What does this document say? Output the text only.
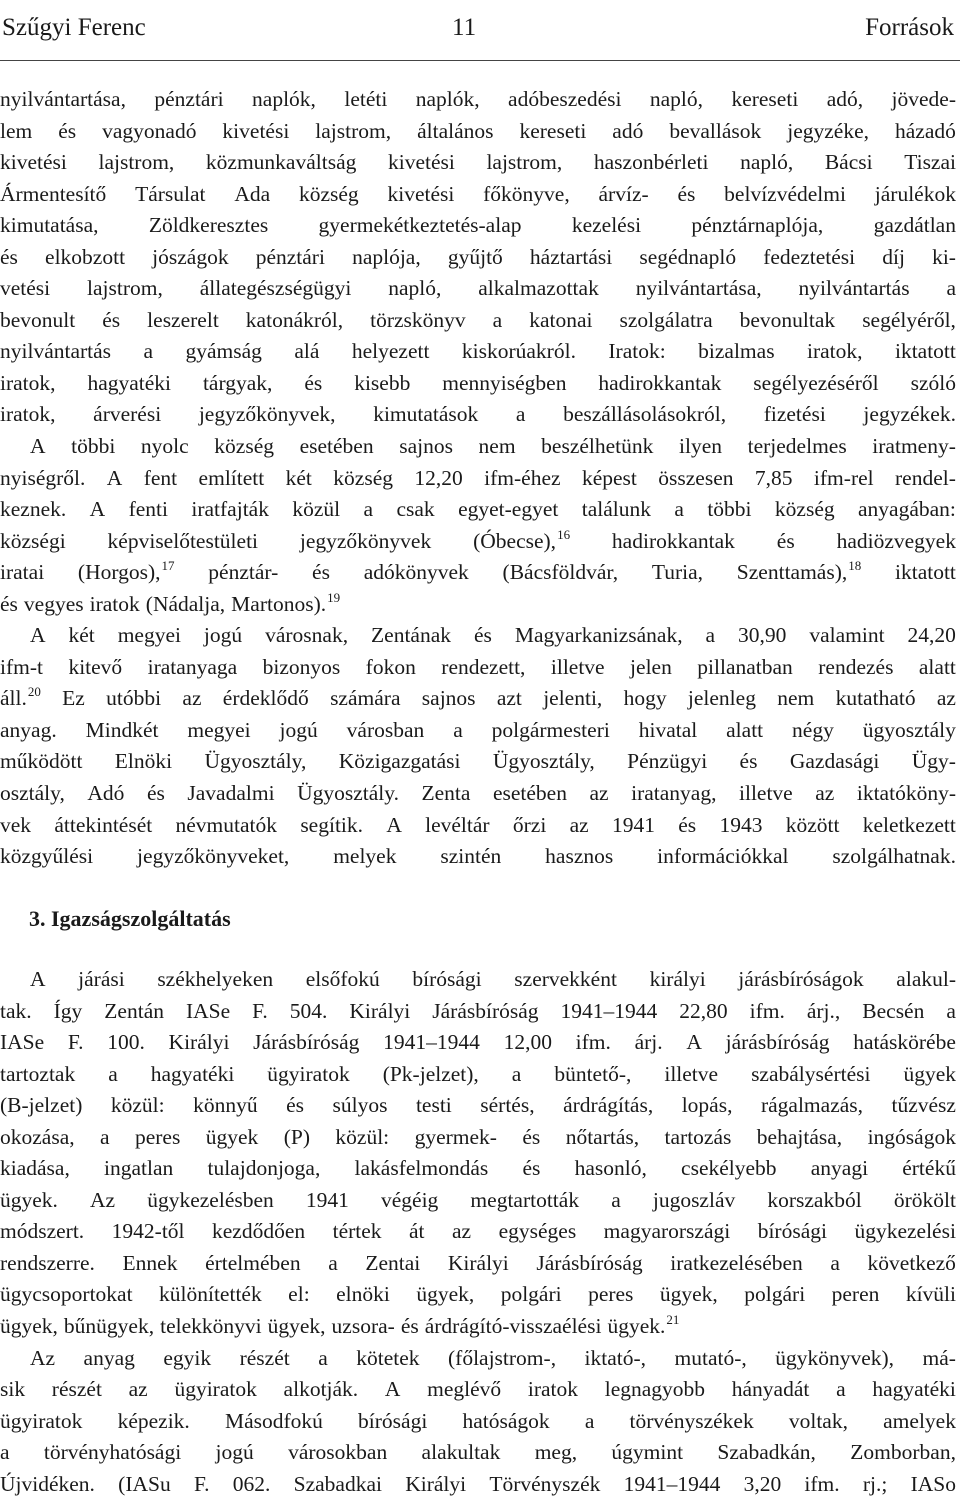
Szűgyi Ferenc	11	Források
nyilvántartása, pénztári naplók, letéti naplók, adóbeszedési napló, kereseti adó, jövede-
lem és vagyonadó kivetési lajstrom, általános kereseti adó bevallások jegyzéke, házadó
kivetési lajstrom, közmunkaváltság kivetési lajstrom, haszonbérleti napló, Bácsi Tiszai
Ármentesítő Társulat Ada község kivetési főkönyve, árvíz- és belvízvédelmi járulékok
kimutatása, Zöldkeresztes gyermekétkeztetés-alap kezelési pénztárnaplója, gazdátlan
és elkobzott jószágok pénztári naplója, gyűjtő háztartási segédnapló fedeztetési díj ki-
vetési lajstrom, állategészségügyi napló, alkalmazottak nyilvántartása, nyilvántartás a
bevonult és leszerelt katonákról, törzskönyv a katonai szolgálatra bevonultak segélyéről,
nyilvántartás a gyámság alá helyezett kiskorúakról. Iratok: bizalmas iratok, iktatott
iratok, hagyatéki tárgyak, és kisebb mennyiségben hadirokkantak segélyezéséről szóló
iratok, árverési jegyzőkönyvek, kimutatások a beszállásolásokról, fizetési jegyzékek.
A többi nyolc község esetében sajnos nem beszélhetünk ilyen terjedelmes iratmeny-
nyiségről. A fent említett két község 12,20 ifm-éhez képest összesen 7,85 ifm-rel rendel-
keznek. A fenti iratfajták közül a csak egyet-egyet találunk a többi község anyagában:
községi képviselőtestületi jegyzőkönyvek (Óbecse),$^{16}$ hadirokkantak és hadiözvegyek
iratai (Horgos),$^{17}$ pénztár- és adókönyvek (Bácsföldvár, Turia, Szenttamás),$^{18}$ iktatott
és vegyes iratok (Nádalja, Martonos).$^{19}$
A két megyei jogú városnak, Zentának és Magyarkanizsának, a 30,90 valamint 24,20
ifm-t kitevő iratanyaga bizonyos fokon rendezett, illetve jelen pillanatban rendezés alatt
áll.$^{20}$ Ez utóbbi az érdeklődő számára sajnos azt jelenti, hogy jelenleg nem kutatható az
anyag. Mindkét megyei jogú városban a polgármesteri hivatal alatt négy ügyosztály
működött Elnöki Ügyosztály, Közigazgatási Ügyosztály, Pénzügyi és Gazdasági Ügy-
osztály, Adó és Javadalmi Ügyosztály. Zenta esetében az iratanyag, illetve az iktatóköny-
vek áttekintését névmutatók segítik. A levéltár őrzi az 1941 és 1943 között keletkezett
közgyűlési jegyzőkönyveket, melyek szintén hasznos információkkal szolgálhatnak.
3. Igazságszolgáltatás
A járási székhelyeken elsőfokú bírósági szervekként királyi járásbíróságok alakul-
tak. Így Zentán IASe F. 504. Királyi Járásbíróság 1941–1944 22,80 ifm. árj., Becsén a
IASe F. 100. Királyi Járásbíróság 1941–1944 12,00 ifm. árj. A járásbíróság hatáskörébe
tartoztak a hagyatéki ügyiratok (Pk-jelzet), a büntető-, illetve szabálysértési ügyek
(B-jelzet) közül: könnyű és súlyos testi sértés, árdrágítás, lopás, rágalmazás, tűzvész
okozása, a peres ügyek (P) közül: gyermek- és nőtartás, tartozás behajtása, ingóságok
kiadása, ingatlan tulajdonjoga, lakásfelmondás és hasonló, csekélyebb anyagi értékű
ügyek. Az ügykezelésben 1941 végéig megtartották a jugoszláv korszakból örökölt
módszert. 1942-től kezdődően tértek át az egységes magyarországi bírósági ügykezelési
rendszerre. Ennek értelmében a Zentai Királyi Járásbíróság iratkezelésében a következő
ügycsoportokat különítették el: elnöki ügyek, polgári peres ügyek, polgári peren kívüli
ügyek, bűnügyek, telekkönyvi ügyek, uzsora- és árdrágító-visszaélési ügyek.$^{21}$
Az anyag egyik részét a kötetek (főlajstrom-, iktató-, mutató-, ügykönyvek), má-
sik részét az ügyiratok alkotják. A meglévő iratok legnagyobb hányadát a hagyatéki
ügyiratok képezik. Másodfokú bírósági hatóságok a törvényszékek voltak, amelyek
a törvényhatósági jogú városokban alakultak meg, úgymint Szabadkán, Zomborban,
Újvidéken. (IASu F. 062. Szabadkai Királyi Törvényszék 1941–1944 3,20 ifm. rj.; IASo
